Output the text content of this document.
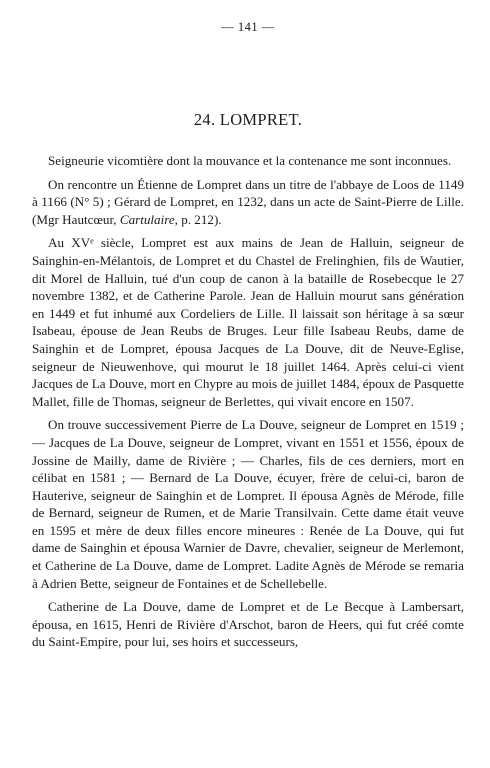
— 141 —
24. LOMPRET.

Seigneurie vicomtière dont la mouvance et la contenance me sont inconnues.

On rencontre un Étienne de Lompret dans un titre de l'abbaye de Loos de 1149 à 1166 (N° 5) ; Gérard de Lompret, en 1232, dans un acte de Saint-Pierre de Lille. (Mgr Hautcœur, Cartulaire, p. 212).

Au XVᵉ siècle, Lompret est aux mains de Jean de Halluin, seigneur de Sainghin-en-Mélantois, de Lompret et du Chastel de Frelinghien, fils de Wautier, dit Morel de Halluin, tué d'un coup de canon à la bataille de Rosebecque le 27 novembre 1382, et de Catherine Parole. Jean de Halluin mourut sans génération en 1449 et fut inhumé aux Cordeliers de Lille. Il laissait son héritage à sa sœur Isabeau, épouse de Jean Reubs de Bruges. Leur fille Isabeau Reubs, dame de Sainghin et de Lompret, épousa Jacques de La Douve, dit de Neuve-Eglise, seigneur de Nieuwenhove, qui mourut le 18 juillet 1464. Après celui-ci vient Jacques de La Douve, mort en Chypre au mois de juillet 1484, époux de Pasquette Mallet, fille de Thomas, seigneur de Berlettes, qui vivait encore en 1507.

On trouve successivement Pierre de La Douve, seigneur de Lompret en 1519 ; — Jacques de La Douve, seigneur de Lompret, vivant en 1551 et 1556, époux de Jossine de Mailly, dame de Rivière ; — Charles, fils de ces derniers, mort en célibat en 1581 ; — Bernard de La Douve, écuyer, frère de celui-ci, baron de Hauterive, seigneur de Sainghin et de Lompret. Il épousa Agnès de Mérode, fille de Bernard, seigneur de Rumen, et de Marie Transilvain. Cette dame était veuve en 1595 et mère de deux filles encore mineures : Renée de La Douve, qui fut dame de Sainghin et épousa Warnier de Davre, chevalier, seigneur de Merlemont, et Catherine de La Douve, dame de Lompret. Ladite Agnès de Mérode se remaria à Adrien Bette, seigneur de Fontaines et de Schellebelle.

Catherine de La Douve, dame de Lompret et de Le Becque à Lambersart, épousa, en 1615, Henri de Rivière d'Arschot, baron de Heers, qui fut créé comte du Saint-Empire, pour lui, ses hoirs et successeurs,
